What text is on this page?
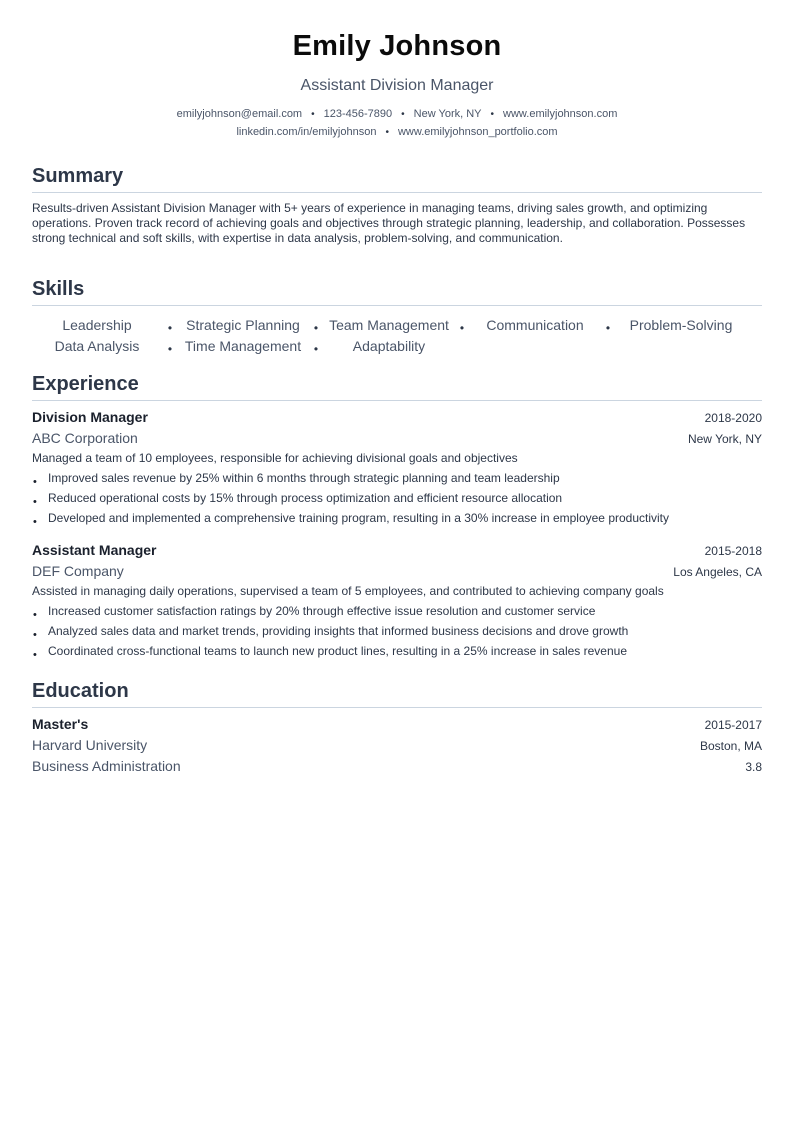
Emily Johnson
Assistant Division Manager
emilyjohnson@email.com • 123-456-7890 • New York, NY • www.emilyjohnson.com
linkedin.com/in/emilyjohnson • www.emilyjohnson_portfolio.com
Summary
Results-driven Assistant Division Manager with 5+ years of experience in managing teams, driving sales growth, and optimizing operations. Proven track record of achieving goals and objectives through strategic planning, leadership, and collaboration. Possesses strong technical and soft skills, with expertise in data analysis, problem-solving, and communication.
Skills
Leadership	•	Strategic Planning	• Team Management •	Communication	•	Problem-Solving
Data Analysis	• Time Management	•	Adaptability
Experience
Division Manager	2018-2020
ABC Corporation	New York, NY
Managed a team of 10 employees, responsible for achieving divisional goals and objectives
• Improved sales revenue by 25% within 6 months through strategic planning and team leadership
• Reduced operational costs by 15% through process optimization and efficient resource allocation
• Developed and implemented a comprehensive training program, resulting in a 30% increase in employee productivity
Assistant Manager	2015-2018
DEF Company	Los Angeles, CA
Assisted in managing daily operations, supervised a team of 5 employees, and contributed to achieving company goals
• Increased customer satisfaction ratings by 20% through effective issue resolution and customer service
• Analyzed sales data and market trends, providing insights that informed business decisions and drove growth
• Coordinated cross-functional teams to launch new product lines, resulting in a 25% increase in sales revenue
Education
Master's	2015-2017
Harvard University	Boston, MA
Business Administration	3.8
